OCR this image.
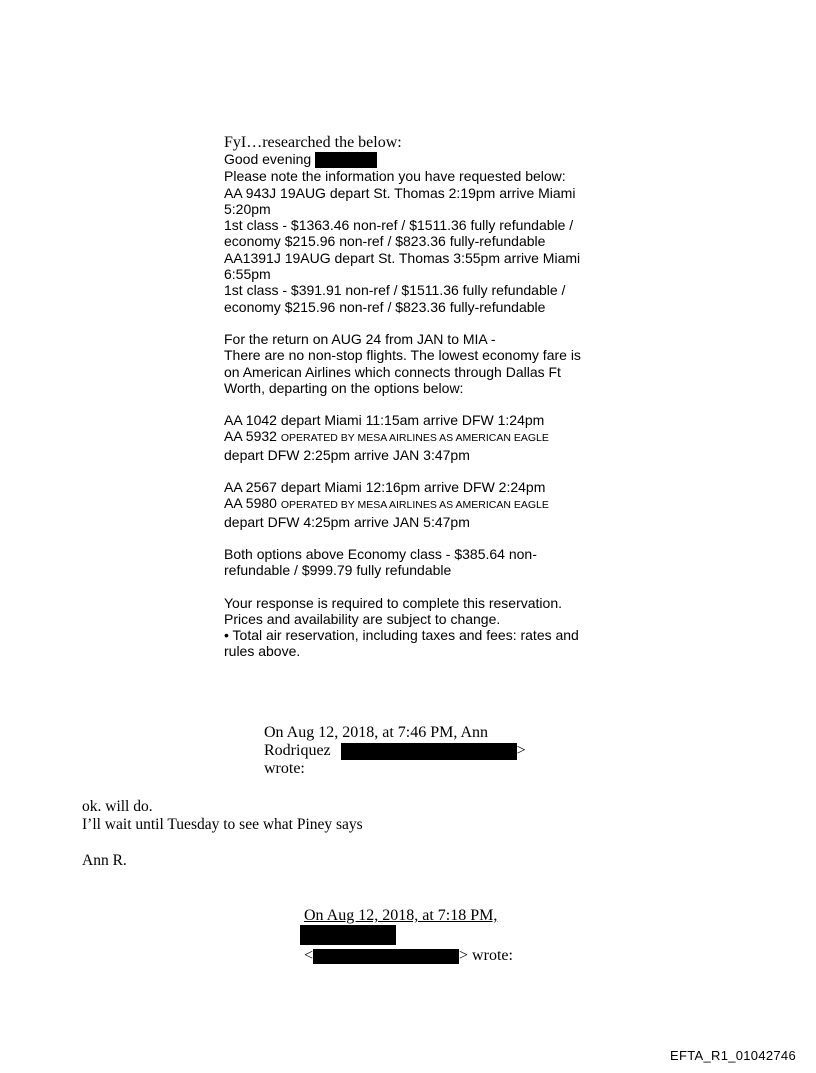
FyI…researched the below:
Good evening
Please note the information you have requested below:
AA 943J 19AUG depart St. Thomas 2:19pm arrive Miami
5:20pm
1st class - $1363.46 non-ref / $1511.36 fully refundable /
economy $215.96 non-ref / $823.36 fully-refundable
AA1391J 19AUG depart St. Thomas 3:55pm arrive Miami
6:55pm
1st class - $391.91 non-ref / $1511.36 fully refundable /
economy $215.96 non-ref / $823.36 fully-refundable
For the return on AUG 24 from JAN to MIA -
There are no non-stop flights. The lowest economy fare is
on American Airlines which connects through Dallas Ft
Worth, departing on the options below:
AA 1042 depart Miami 11:15am arrive DFW 1:24pm
AA 5932 OPERATED BY MESA AIRLINES AS AMERICAN EAGLE
depart DFW 2:25pm arrive JAN 3:47pm
AA 2567 depart Miami 12:16pm arrive DFW 2:24pm
AA 5980 OPERATED BY MESA AIRLINES AS AMERICAN EAGLE
depart DFW 4:25pm arrive JAN 5:47pm
Both options above Economy class - $385.64 non-
refundable / $999.79 fully refundable
Your response is required to complete this reservation.
Prices and availability are subject to change.
• Total air reservation, including taxes and fees: rates and
rules above.
On Aug 12, 2018, at 7:46 PM, Ann
Rodriquez	>
wrote:
ok. will do.
I’ll wait until Tuesday to see what Piney says
Ann R.
On Aug 12, 2018, at 7:18 PM,
<	> wrote:
EFTA_R1_01042746
